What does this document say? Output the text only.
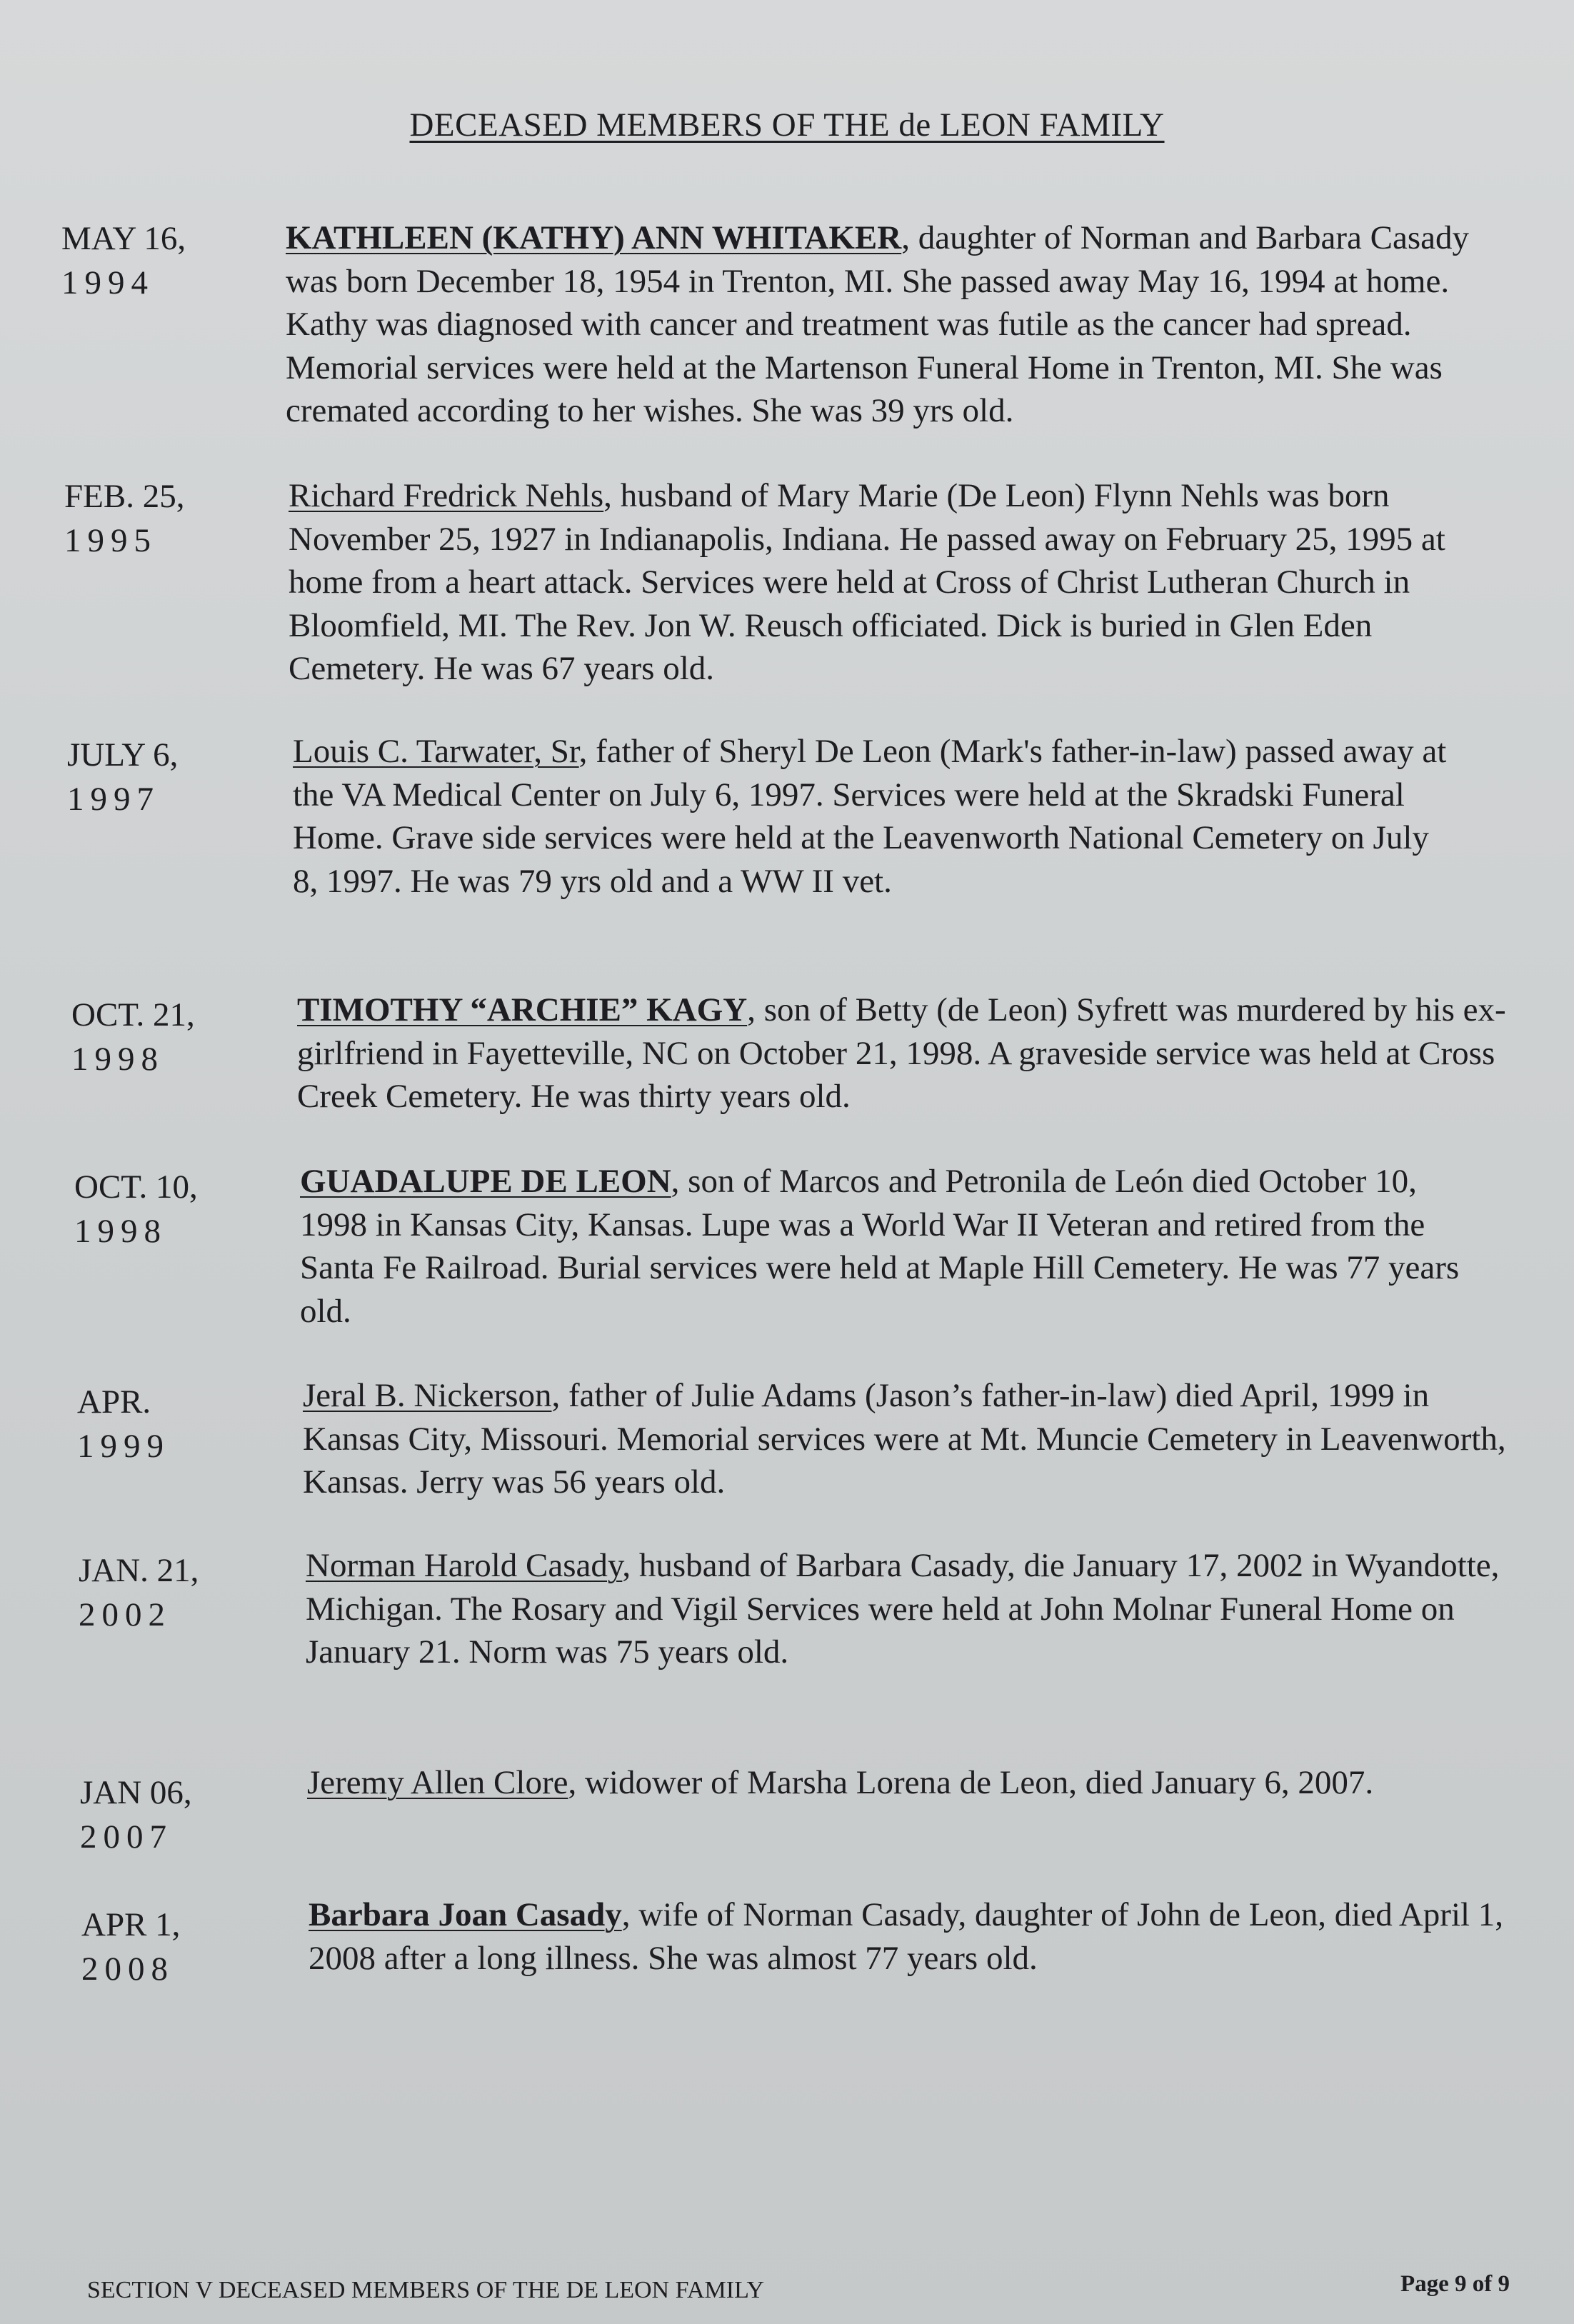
DECEASED MEMBERS OF THE de LEON FAMILY
MAY 16,
1994
KATHLEEN (KATHY) ANN WHITAKER, daughter of Norman and Barbara Casady was born December 18, 1954 in Trenton, MI. She passed away May 16, 1994 at home. Kathy was diagnosed with cancer and treatment was futile as the cancer had spread. Memorial services were held at the Martenson Funeral Home in Trenton, MI. She was cremated according to her wishes. She was 39 yrs old.
FEB. 25,
1995
Richard Fredrick Nehls, husband of Mary Marie (De Leon) Flynn Nehls was born November 25, 1927 in Indianapolis, Indiana. He passed away on February 25, 1995 at home from a heart attack. Services were held at Cross of Christ Lutheran Church in Bloomfield, MI. The Rev. Jon W. Reusch officiated. Dick is buried in Glen Eden Cemetery. He was 67 years old.
JULY 6,
1997
Louis C. Tarwater, Sr, father of Sheryl De Leon (Mark's father-in-law) passed away at the VA Medical Center on July 6, 1997. Services were held at the Skradski Funeral Home. Grave side services were held at the Leavenworth National Cemetery on July 8, 1997. He was 79 yrs old and a WW II vet.
OCT. 21,
1998
TIMOTHY “ARCHIE” KAGY, son of Betty (de Leon) Syfrett was murdered by his ex-girlfriend in Fayetteville, NC on October 21, 1998. A graveside service was held at Cross Creek Cemetery. He was thirty years old.
OCT. 10,
1998
GUADALUPE DE LEON, son of Marcos and Petronila de León died October 10, 1998 in Kansas City, Kansas. Lupe was a World War II Veteran and retired from the Santa Fe Railroad. Burial services were held at Maple Hill Cemetery. He was 77 years old.
APR.
1999
Jeral B. Nickerson, father of Julie Adams (Jason’s father-in-law) died April, 1999 in Kansas City, Missouri. Memorial services were at Mt. Muncie Cemetery in Leavenworth, Kansas. Jerry was 56 years old.
JAN. 21,
2002
Norman Harold Casady, husband of Barbara Casady, die January 17, 2002 in Wyandotte, Michigan. The Rosary and Vigil Services were held at John Molnar Funeral Home on January 21. Norm was 75 years old.
JAN 06,
2007
Jeremy Allen Clore, widower of Marsha Lorena de Leon, died January 6, 2007.
APR 1,
2008
Barbara Joan Casady, wife of Norman Casady, daughter of John de Leon, died April 1, 2008 after a long illness. She was almost 77 years old.
SECTION V DECEASED MEMBERS OF THE DE LEON FAMILY	Page 9 of 9
